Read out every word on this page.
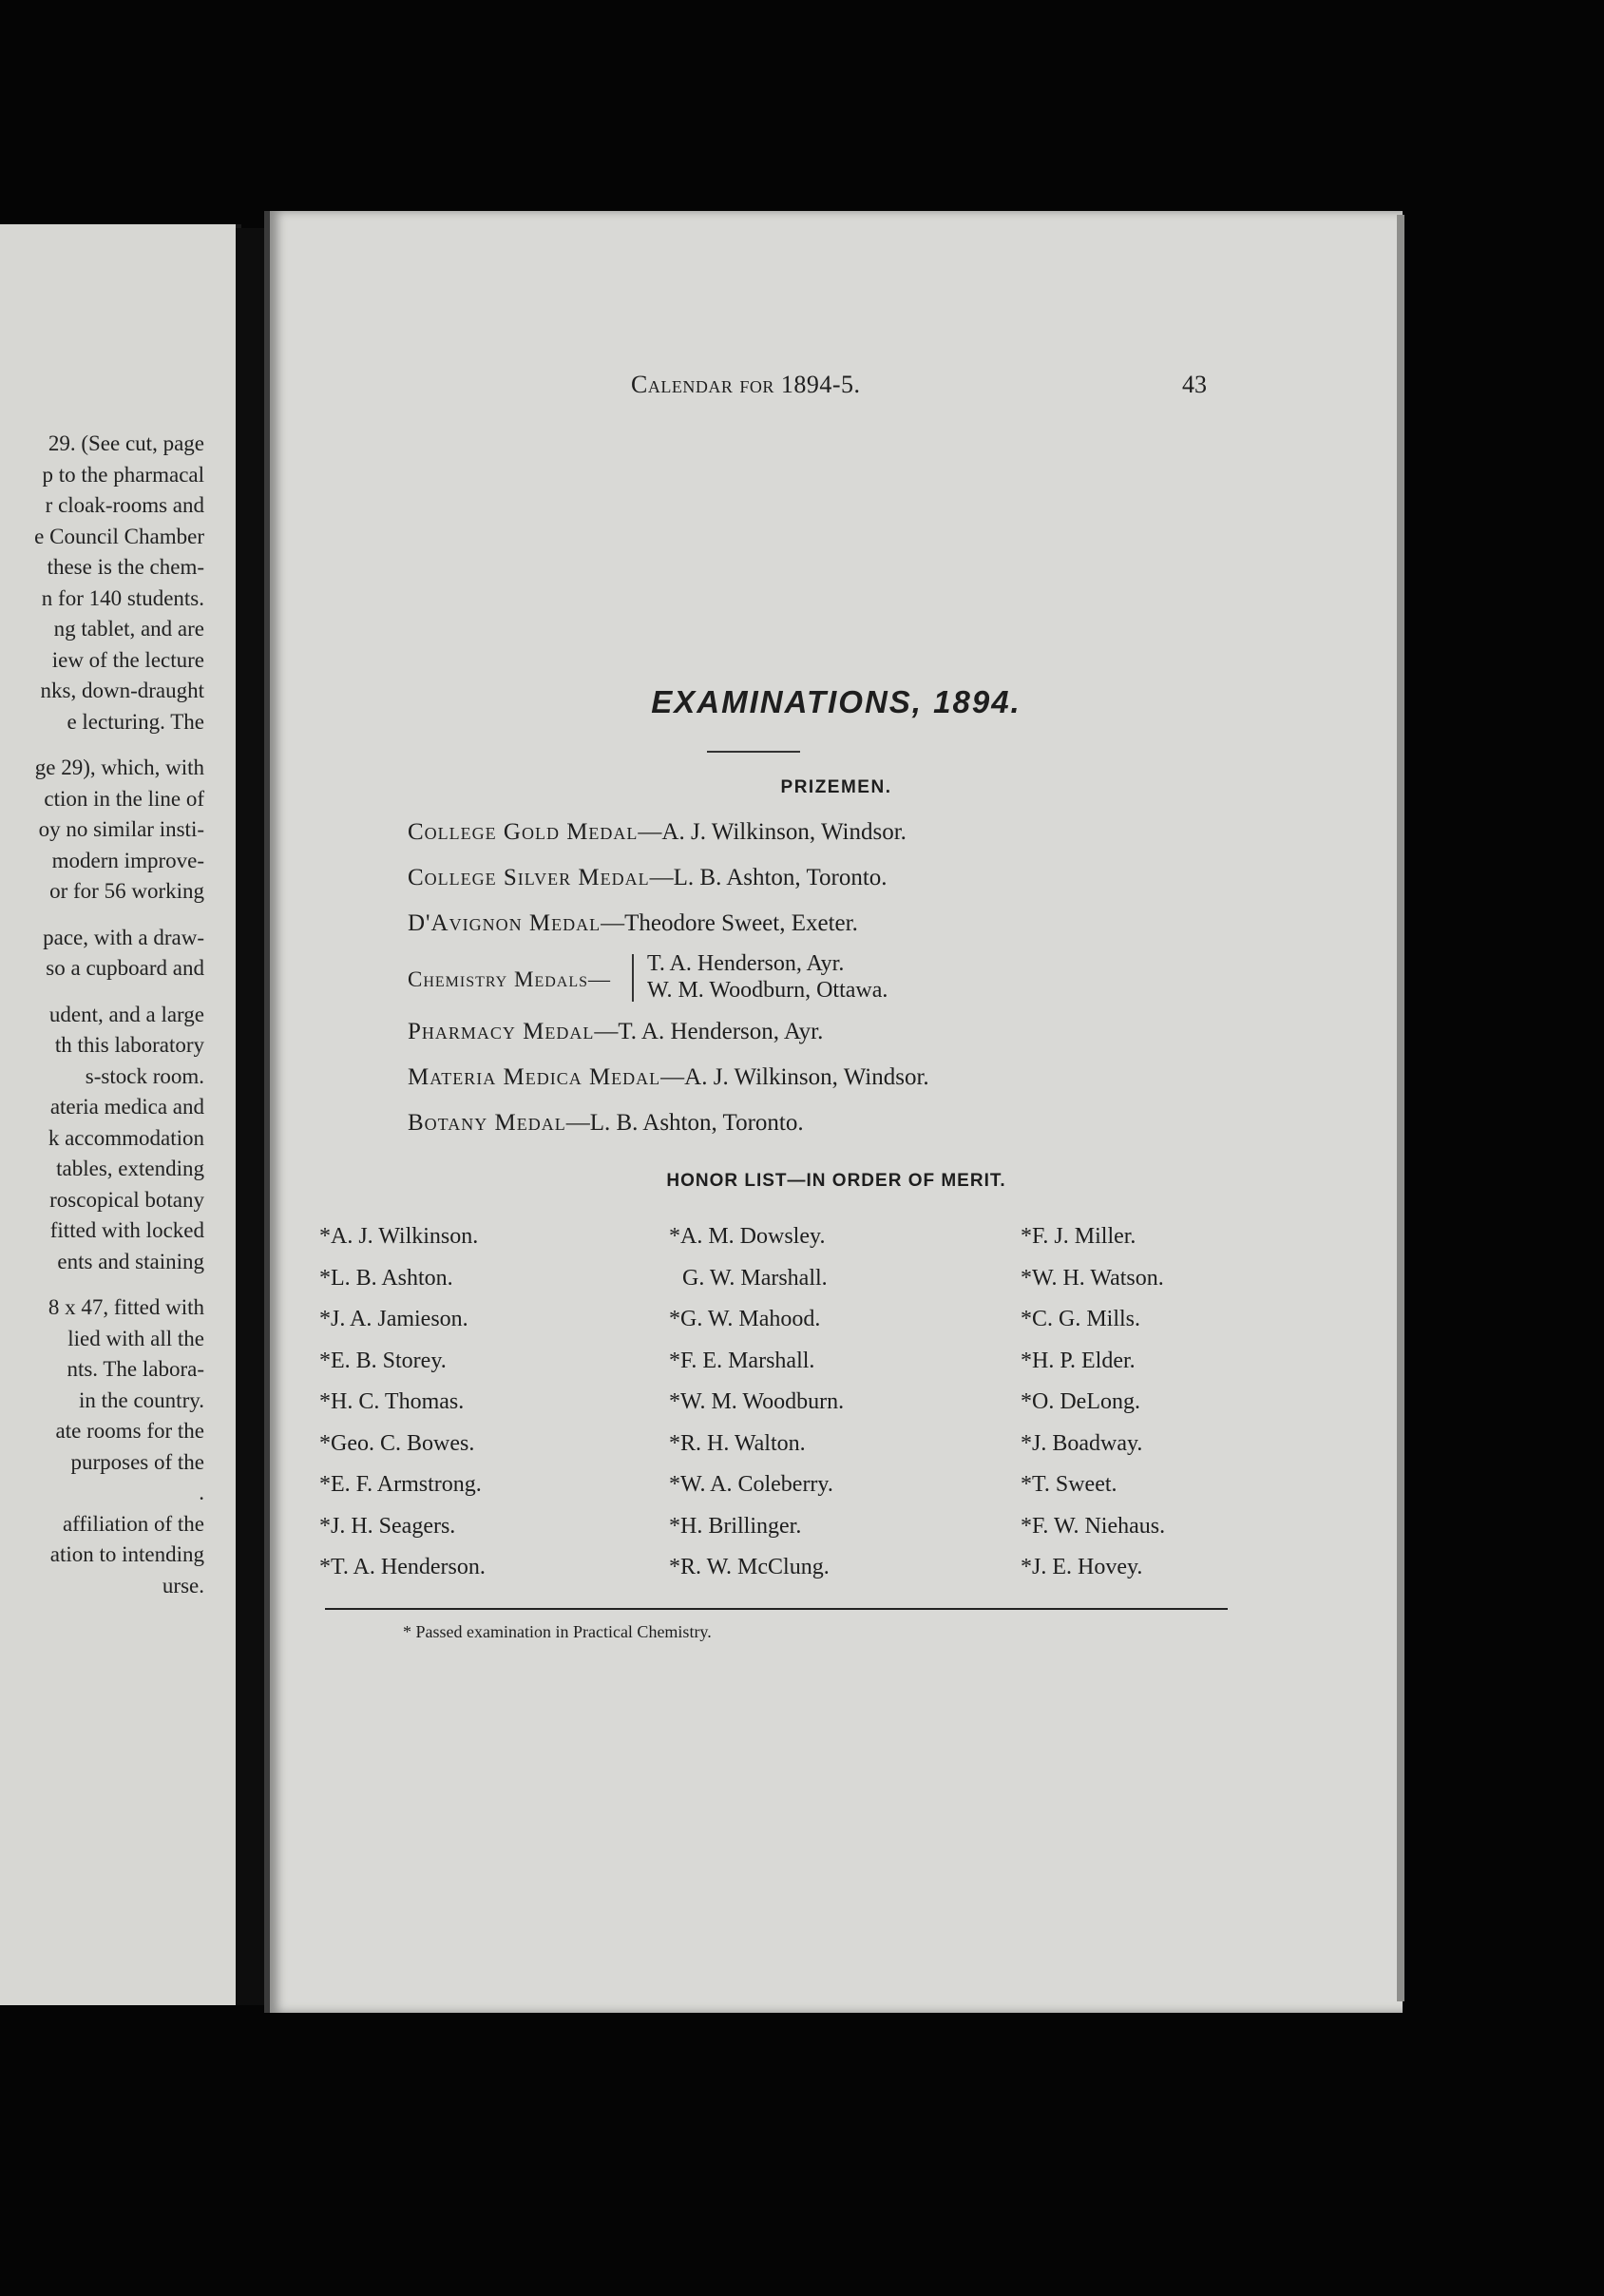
29. (See cut, page
p to the pharmacal
r cloak-rooms and
e Council Chamber
these is the chem-
n for 140 students.
ng tablet, and are
iew of the lecture
nks, down-draught
e lecturing. The
ge 29), which, with
ction in the line of
oy no similar insti-
modern improve-
or for 56 working
pace, with a draw-
so a cupboard and
udent, and a large
th this laboratory
s-stock room.
ateria medica and
k accommodation
tables, extending
roscopical botany
fitted with locked
ents and staining
8 x 47, fitted with
lied with all the
nts. The labora-
in the country.
ate rooms for the
purposes of the
.
affiliation of the
ation to intending
urse.
Calendar for 1894-5.	43
EXAMINATIONS, 1894.
PRIZEMEN.
College Gold Medal—A. J. Wilkinson, Windsor.
College Silver Medal—L. B. Ashton, Toronto.
D'Avignon Medal—Theodore Sweet, Exeter.
Chemistry Medals—
T. A. Henderson, Ayr.
W. M. Woodburn, Ottawa.
Pharmacy Medal—T. A. Henderson, Ayr.
Materia Medica Medal—A. J. Wilkinson, Windsor.
Botany Medal—L. B. Ashton, Toronto.
HONOR LIST—IN ORDER OF MERIT.
*A. J. Wilkinson.
*L. B. Ashton.
*J. A. Jamieson.
*E. B. Storey.
*H. C. Thomas.
*Geo. C. Bowes.
*E. F. Armstrong.
*J. H. Seagers.
*T. A. Henderson.
*A. M. Dowsley.
G. W. Marshall.
*G. W. Mahood.
*F. E. Marshall.
*W. M. Woodburn.
*R. H. Walton.
*W. A. Coleberry.
*H. Brillinger.
*R. W. McClung.
*F. J. Miller.
*W. H. Watson.
*C. G. Mills.
*H. P. Elder.
*O. DeLong.
*J. Boadway.
*T. Sweet.
*F. W. Niehaus.
*J. E. Hovey.
* Passed examination in Practical Chemistry.
